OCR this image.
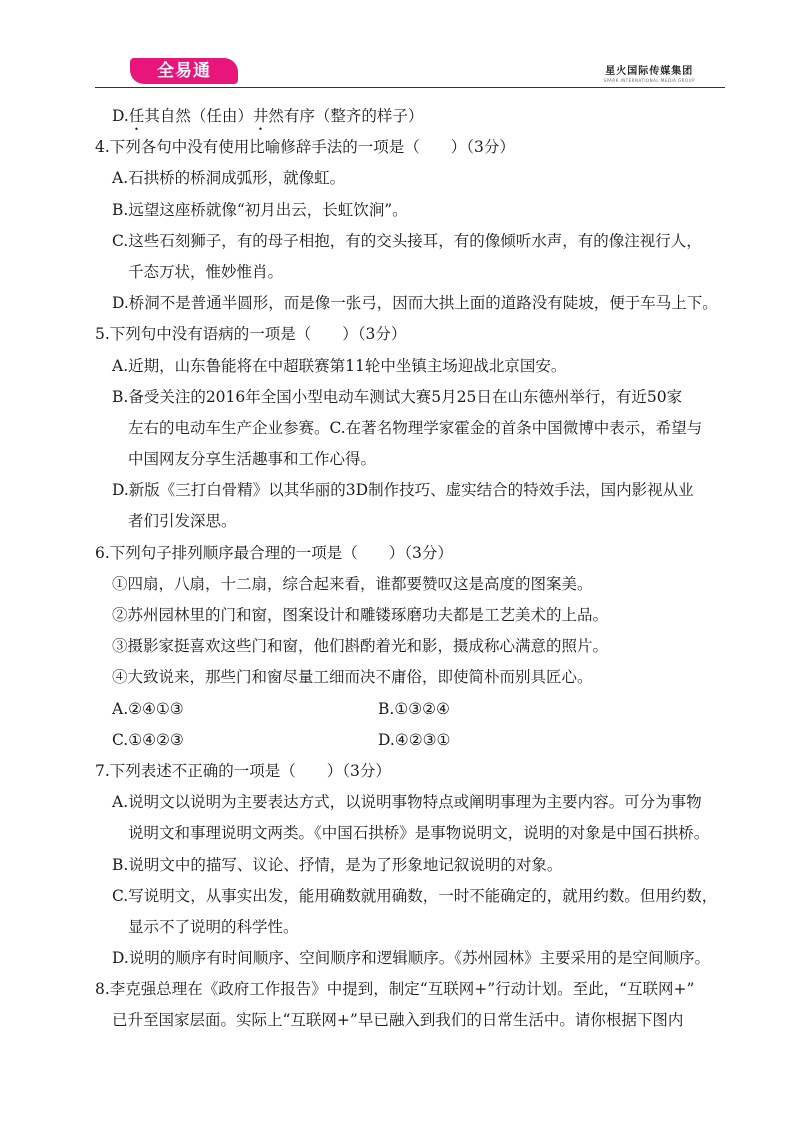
全易通	星火国际传媒集团
SPARK INTERNATIONAL MEDIA GROUP
D.任其自然（任由）井然有序（整齐的样子）
4.下列各句中没有使用比喻修辞手法的一项是（　　）（3分）
A.石拱桥的桥洞成弧形，就像虹。
B.远望这座桥就像“初月出云，长虹饮涧”。
C.这些石刻狮子，有的母子相抱，有的交头接耳，有的像倾听水声，有的像注视行人，
千态万状，惟妙惟肖。
D.桥洞不是普通半圆形，而是像一张弓，因而大拱上面的道路没有陡坡，便于车马上下。
5.下列句中没有语病的一项是（　　）（3分）
A.近期，山东鲁能将在中超联赛第11轮中坐镇主场迎战北京国安。
B.备受关注的2016年全国小型电动车测试大赛5月25日在山东德州举行，有近50家
左右的电动车生产企业参赛。C.在著名物理学家霍金的首条中国微博中表示，希望与
中国网友分享生活趣事和工作心得。
D.新版《三打白骨精》以其华丽的3D制作技巧、虚实结合的特效手法，国内影视从业
者们引发深思。
6.下列句子排列顺序最合理的一项是（　　）（3分）
①四扇，八扇，十二扇，综合起来看，谁都要赞叹这是高度的图案美。
②苏州园林里的门和窗，图案设计和雕镂琢磨功夫都是工艺美术的上品。
③摄影家挺喜欢这些门和窗，他们斟酌着光和影，摄成称心满意的照片。
④大致说来，那些门和窗尽量工细而决不庸俗，即使简朴而别具匠心。
A.②④①③	B.①③②④
C.①④②③	D.④②③①
7.下列表述不正确的一项是（　　）（3分）
A.说明文以说明为主要表达方式，以说明事物特点或阐明事理为主要内容。可分为事物
说明文和事理说明文两类。《中国石拱桥》是事物说明文，说明的对象是中国石拱桥。
B.说明文中的描写、议论、抒情，是为了形象地记叙说明的对象。
C.写说明文，从事实出发，能用确数就用确数，一时不能确定的，就用约数。但用约数，
显示不了说明的科学性。
D.说明的顺序有时间顺序、空间顺序和逻辑顺序。《苏州园林》主要采用的是空间顺序。
8.李克强总理在《政府工作报告》中提到，制定“互联网+”行动计划。至此，“互联网+”
已升至国家层面。实际上“互联网+”早已融入到我们的日常生活中。请你根据下图内
